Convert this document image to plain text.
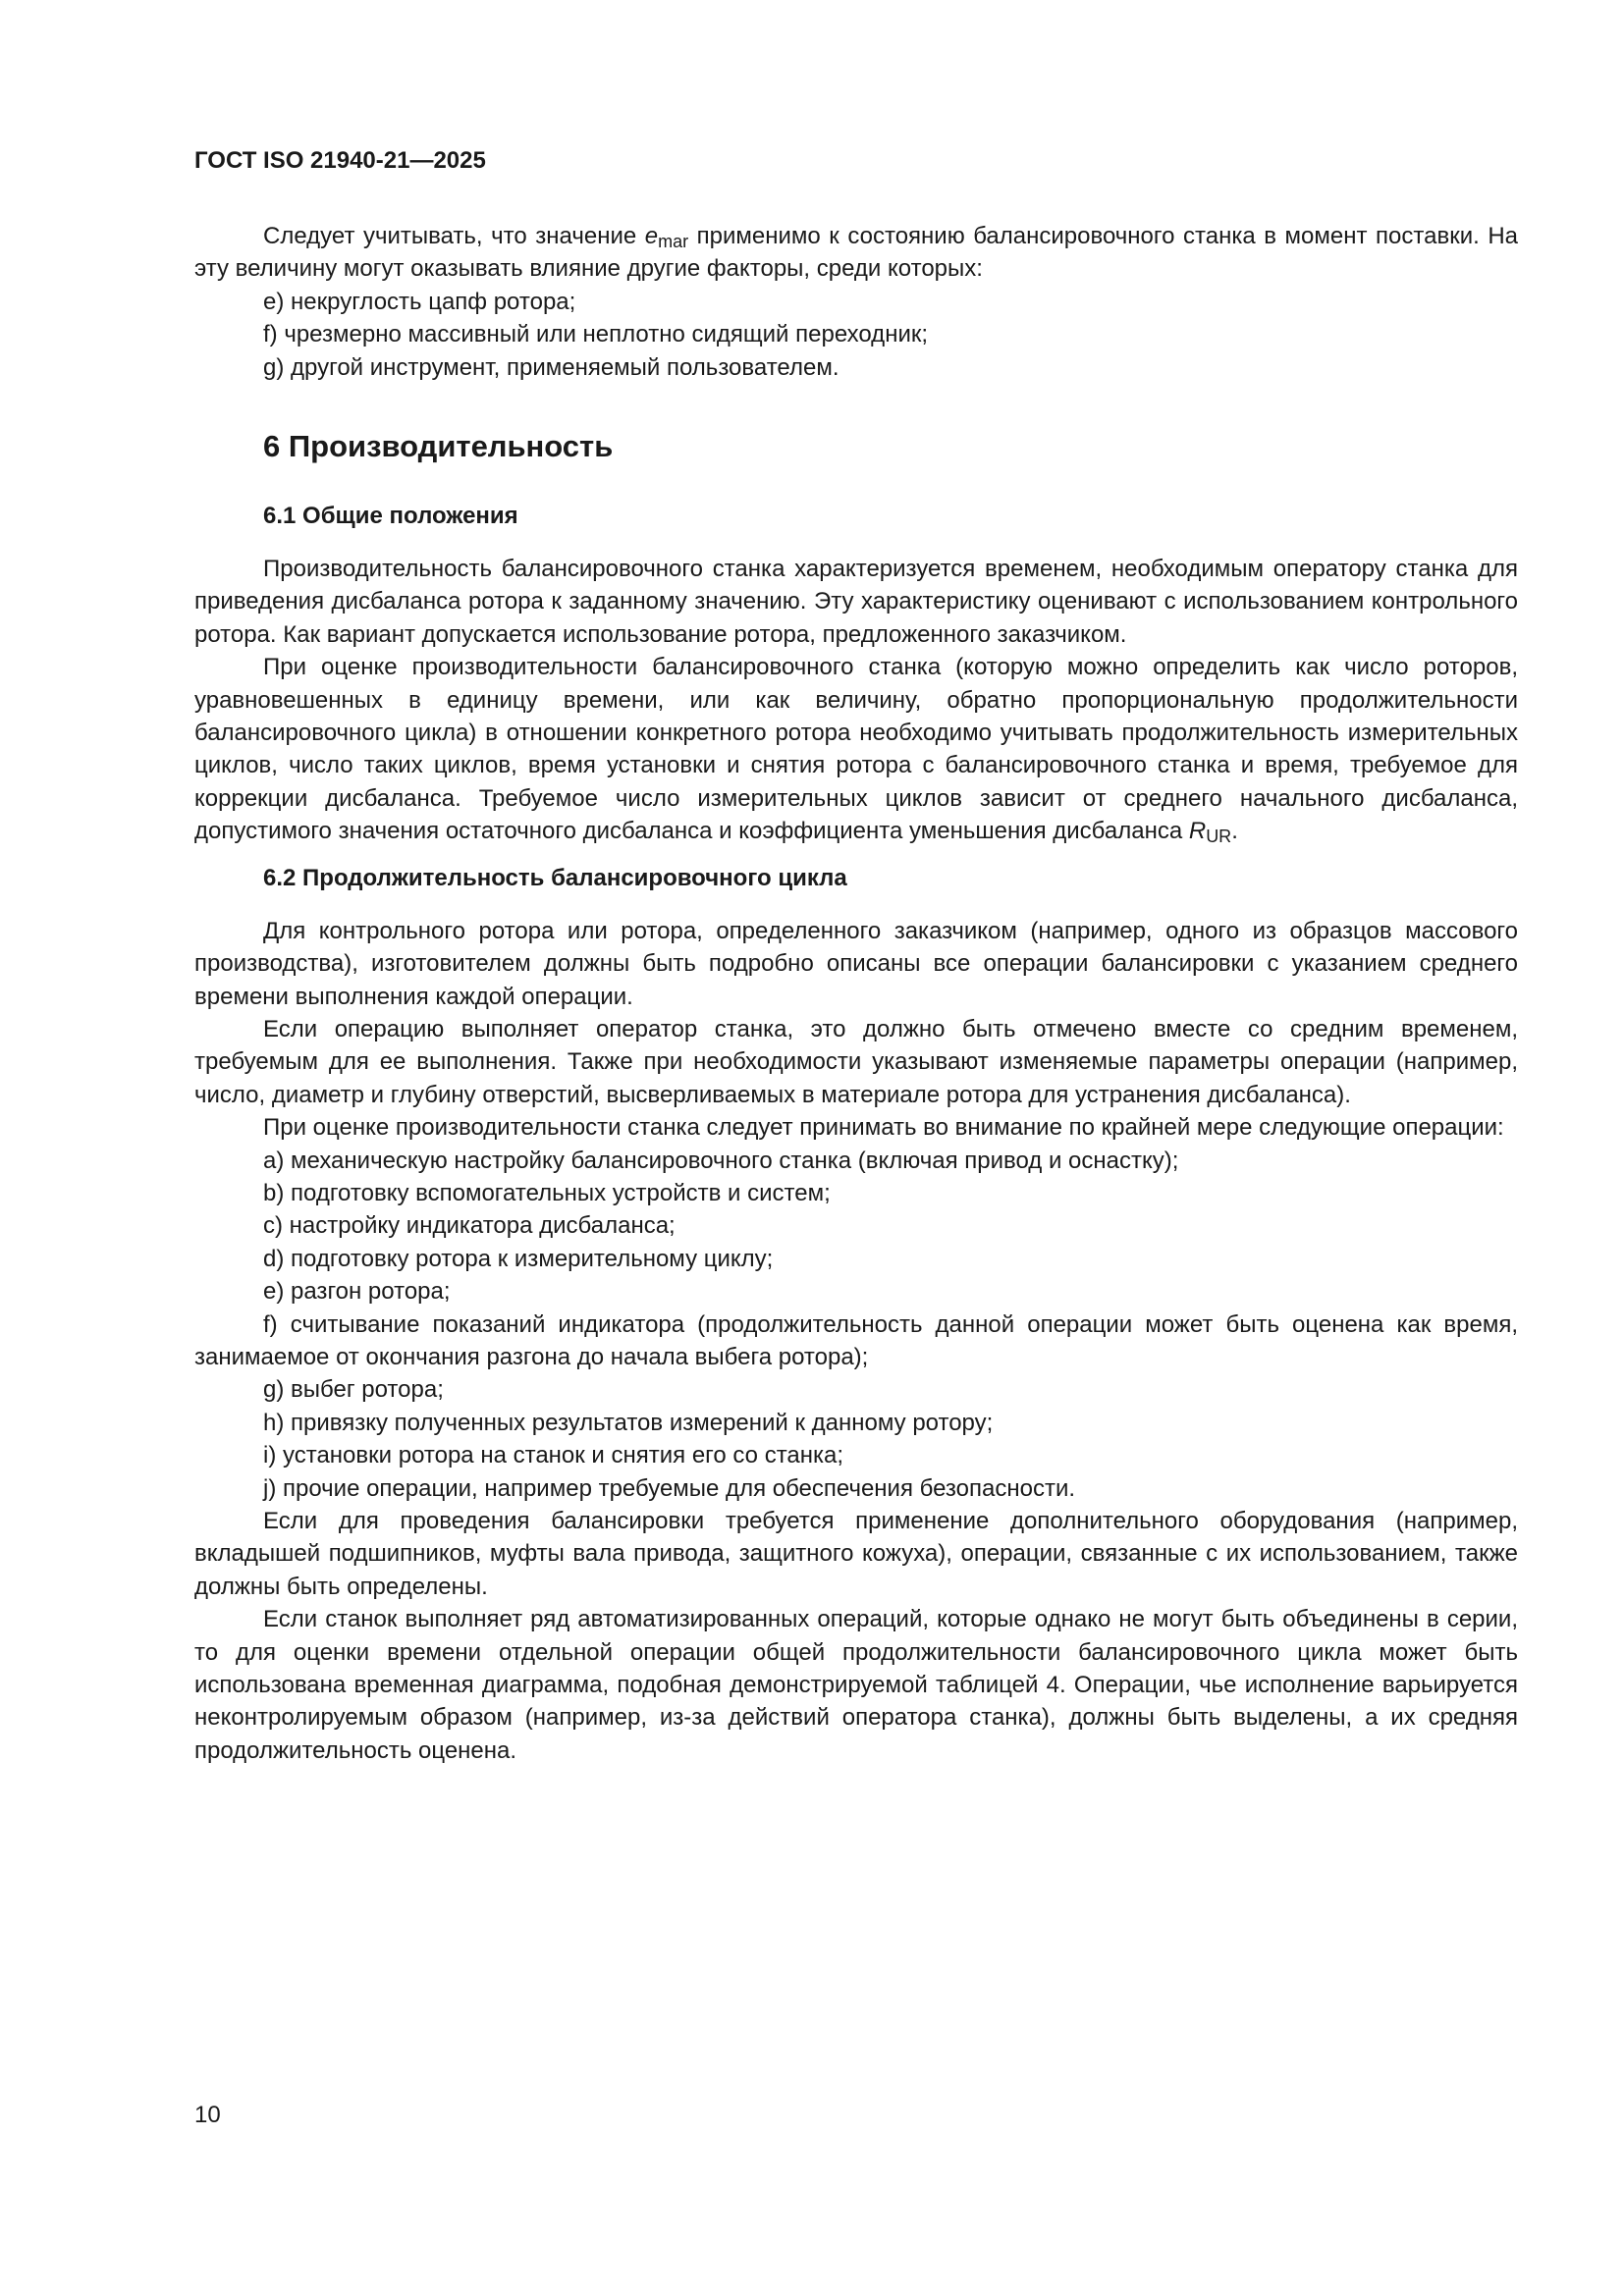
ГОСТ ISO 21940-21—2025

Следует учитывать, что значение $e_{mar}$ применимо к состоянию балансировочного станка в момент поставки. На эту величину могут оказывать влияние другие факторы, среди которых:

e) некруглость цапф ротора;

f) чрезмерно массивный или неплотно сидящий переходник;

g) другой инструмент, применяемый пользователем.

6 Производительность
6.1 Общие положения

Производительность балансировочного станка характеризуется временем, необходимым оператору станка для приведения дисбаланса ротора к заданному значению. Эту характеристику оценивают с использованием контрольного ротора. Как вариант допускается использование ротора, предложенного заказчиком.

При оценке производительности балансировочного станка (которую можно определить как число роторов, уравновешенных в единицу времени, или как величину, обратно пропорциональную продолжительности балансировочного цикла) в отношении конкретного ротора необходимо учитывать продолжительность измерительных циклов, число таких циклов, время установки и снятия ротора с балансировочного станка и время, требуемое для коррекции дисбаланса. Требуемое число измерительных циклов зависит от среднего начального дисбаланса, допустимого значения остаточного дисбаланса и коэффициента уменьшения дисбаланса $R_{UR}$.

6.2 Продолжительность балансировочного цикла

Для контрольного ротора или ротора, определенного заказчиком (например, одного из образцов массового производства), изготовителем должны быть подробно описаны все операции балансировки с указанием среднего времени выполнения каждой операции.

Если операцию выполняет оператор станка, это должно быть отмечено вместе со средним временем, требуемым для ее выполнения. Также при необходимости указывают изменяемые параметры операции (например, число, диаметр и глубину отверстий, высверливаемых в материале ротора для устранения дисбаланса).

При оценке производительности станка следует принимать во внимание по крайней мере следующие операции:

a) механическую настройку балансировочного станка (включая привод и оснастку);

b) подготовку вспомогательных устройств и систем;

c) настройку индикатора дисбаланса;

d) подготовку ротора к измерительному циклу;

e) разгон ротора;

f) считывание показаний индикатора (продолжительность данной операции может быть оценена как время, занимаемое от окончания разгона до начала выбега ротора);

g) выбег ротора;

h) привязку полученных результатов измерений к данному ротору;

i) установки ротора на станок и снятия его со станка;

j) прочие операции, например требуемые для обеспечения безопасности.

Если для проведения балансировки требуется применение дополнительного оборудования (например, вкладышей подшипников, муфты вала привода, защитного кожуха), операции, связанные с их использованием, также должны быть определены.

Если станок выполняет ряд автоматизированных операций, которые однако не могут быть объединены в серии, то для оценки времени отдельной операции общей продолжительности балансировочного цикла может быть использована временная диаграмма, подобная демонстрируемой таблицей 4. Операции, чье исполнение варьируется неконтролируемым образом (например, из-за действий оператора станка), должны быть выделены, а их средняя продолжительность оценена.

10
